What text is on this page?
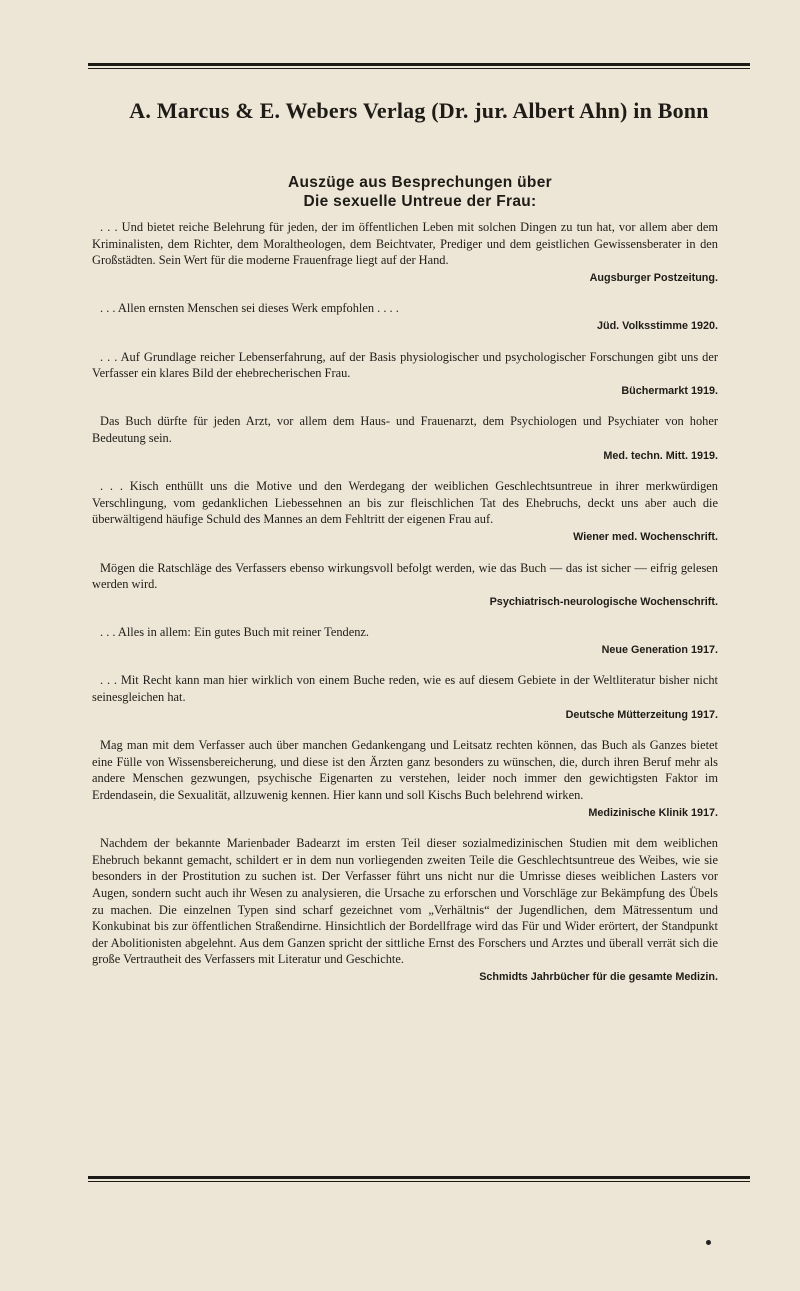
A. Marcus & E. Webers Verlag (Dr. jur. Albert Ahn) in Bonn
Auszüge aus Besprechungen über
Die sexuelle Untreue der Frau:

. . . Und bietet reiche Belehrung für jeden, der im öffentlichen Leben mit solchen Dingen zu tun hat, vor allem aber dem Kriminalisten, dem Richter, dem Moraltheologen, dem Beichtvater, Prediger und dem geistlichen Gewissensberater in den Großstädten. Sein Wert für die moderne Frauenfrage liegt auf der Hand.

Augsburger Postzeitung.

. . . Allen ernsten Menschen sei dieses Werk empfohlen . . . .

Jüd. Volksstimme 1920.

. . . Auf Grundlage reicher Lebenserfahrung, auf der Basis physiologischer und psychologischer Forschungen gibt uns der Verfasser ein klares Bild der ehebrecherischen Frau.

Büchermarkt 1919.

Das Buch dürfte für jeden Arzt, vor allem dem Haus- und Frauenarzt, dem Psychiologen und Psychiater von hoher Bedeutung sein.

Med. techn. Mitt. 1919.

. . . Kisch enthüllt uns die Motive und den Werdegang der weiblichen Geschlechtsuntreue in ihrer merkwürdigen Verschlingung, vom gedanklichen Liebessehnen an bis zur fleischlichen Tat des Ehebruchs, deckt uns aber auch die überwältigend häufige Schuld des Mannes an dem Fehltritt der eigenen Frau auf.

Wiener med. Wochenschrift.

Mögen die Ratschläge des Verfassers ebenso wirkungsvoll befolgt werden, wie das Buch — das ist sicher — eifrig gelesen werden wird.

Psychiatrisch-neurologische Wochenschrift.

. . . Alles in allem: Ein gutes Buch mit reiner Tendenz.

Neue Generation 1917.

. . . Mit Recht kann man hier wirklich von einem Buche reden, wie es auf diesem Gebiete in der Weltliteratur bisher nicht seinesgleichen hat.

Deutsche Mütterzeitung 1917.

Mag man mit dem Verfasser auch über manchen Gedankengang und Leitsatz rechten können, das Buch als Ganzes bietet eine Fülle von Wissensbereicherung, und diese ist den Ärzten ganz besonders zu wünschen, die, durch ihren Beruf mehr als andere Menschen gezwungen, psychische Eigenarten zu verstehen, leider noch immer den gewichtigsten Faktor im Erdendasein, die Sexualität, allzuwenig kennen. Hier kann und soll Kischs Buch belehrend wirken.

Medizinische Klinik 1917.

Nachdem der bekannte Marienbader Badearzt im ersten Teil dieser sozialmedizinischen Studien mit dem weiblichen Ehebruch bekannt gemacht, schildert er in dem nun vorliegenden zweiten Teile die Geschlechtsuntreue des Weibes, wie sie besonders in der Prostitution zu suchen ist. Der Verfasser führt uns nicht nur die Umrisse dieses weiblichen Lasters vor Augen, sondern sucht auch ihr Wesen zu analysieren, die Ursache zu erforschen und Vorschläge zur Bekämpfung des Übels zu machen. Die einzelnen Typen sind scharf gezeichnet vom „Verhältnis“ der Jugendlichen, dem Mätressentum und Konkubinat bis zur öffentlichen Straßendirne. Hinsichtlich der Bordellfrage wird das Für und Wider erörtert, der Standpunkt der Abolitionisten abgelehnt. Aus dem Ganzen spricht der sittliche Ernst des Forschers und Arztes und überall verrät sich die große Vertrautheit des Verfassers mit Literatur und Geschichte.

Schmidts Jahrbücher für die gesamte Medizin.
